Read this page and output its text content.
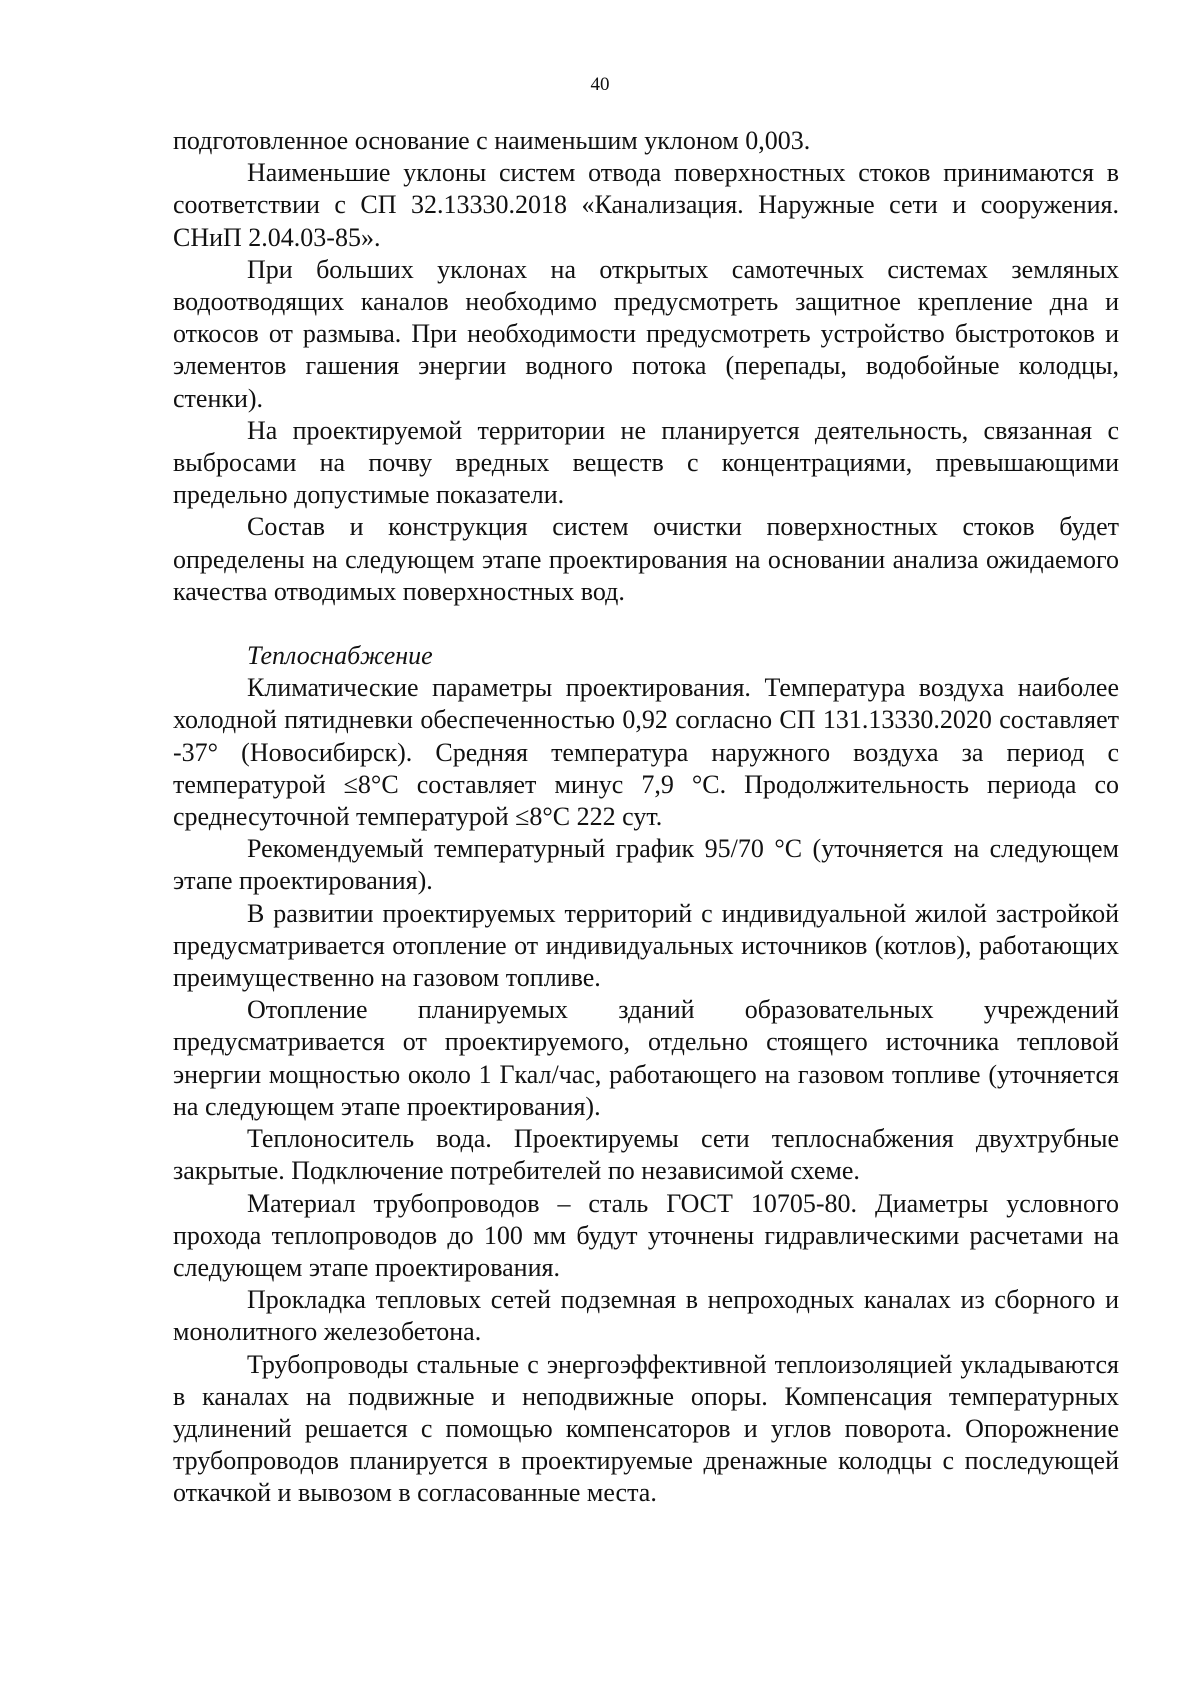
40

подготовленное основание с наименьшим уклоном 0,003.

Наименьшие уклоны систем отвода поверхностных стоков принимаются в соответствии с СП 32.13330.2018 «Канализация. Наружные сети и сооружения. СНиП 2.04.03-85».

При больших уклонах на открытых самотечных системах земляных водоотводящих каналов необходимо предусмотреть защитное крепление дна и откосов от размыва. При необходимости предусмотреть устройство быстротоков и элементов гашения энергии водного потока (перепады, водобойные колодцы, стенки).

На проектируемой территории не планируется деятельность, связанная с выбросами на почву вредных веществ с концентрациями, превышающими предельно допустимые показатели.

Состав и конструкция систем очистки поверхностных стоков будет определены на следующем этапе проектирования на основании анализа ожидаемого качества отводимых поверхностных вод.

Теплоснабжение

Климатические параметры проектирования. Температура воздуха наиболее холодной пятидневки обеспеченностью 0,92 согласно СП 131.13330.2020 составляет -37° (Новосибирск). Средняя температура наружного воздуха за период с температурой ≤8°С составляет минус 7,9 °С. Продолжительность периода со среднесуточной температурой ≤8°С 222 сут.

Рекомендуемый температурный график 95/70 °С (уточняется на следующем этапе проектирования).

В развитии проектируемых территорий с индивидуальной жилой застройкой предусматривается отопление от индивидуальных источников (котлов), работающих преимущественно на газовом топливе.

Отопление планируемых зданий образовательных учреждений предусматривается от проектируемого, отдельно стоящего источника тепловой энергии мощностью около 1 Гкал/час, работающего на газовом топливе (уточняется на следующем этапе проектирования).

Теплоноситель вода. Проектируемы сети теплоснабжения двухтрубные закрытые. Подключение потребителей по независимой схеме.

Материал трубопроводов – сталь ГОСТ 10705-80. Диаметры условного прохода теплопроводов до 100 мм будут уточнены гидравлическими расчетами на следующем этапе проектирования.

Прокладка тепловых сетей подземная в непроходных каналах из сборного и монолитного железобетона.

Трубопроводы стальные с энергоэффективной теплоизоляцией укладываются в каналах на подвижные и неподвижные опоры. Компенсация температурных удлинений решается с помощью компенсаторов и углов поворота. Опорожнение трубопроводов планируется в проектируемые дренажные колодцы с последующей откачкой и вывозом в согласованные места.
